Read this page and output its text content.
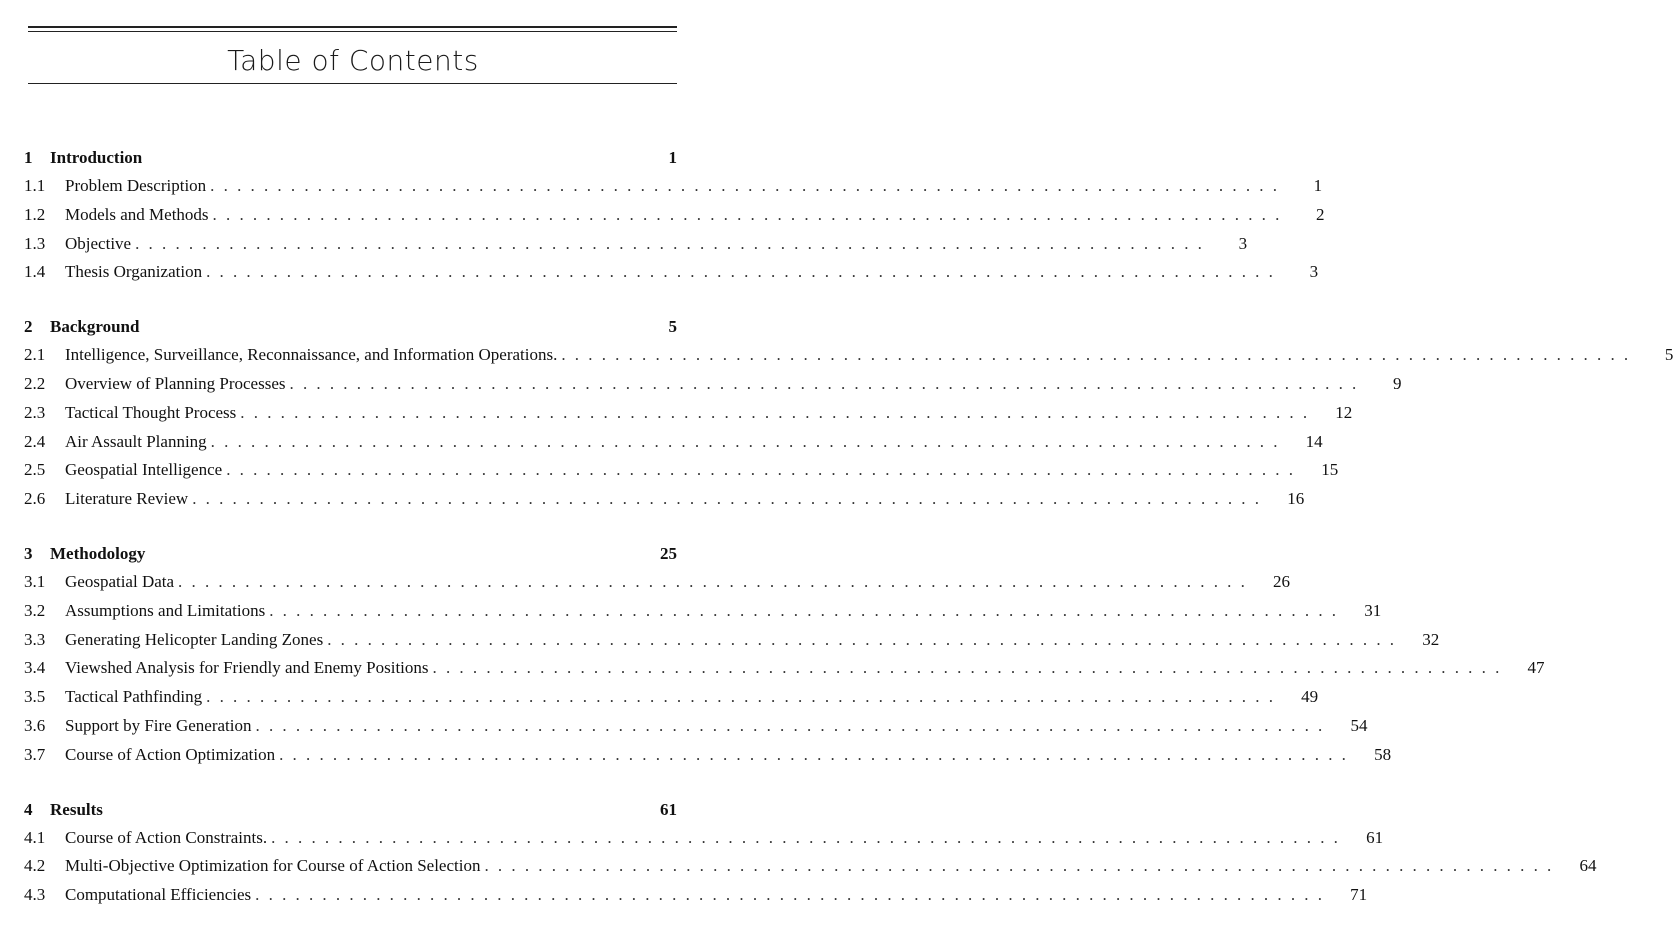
Table of Contents
1	Introduction	1
1.1	Problem Description ................................................................................	1
1.2	Models and Methods ................................................................................	2
1.3	Objective ................................................................................	3
1.4	Thesis Organization ................................................................................	3
2	Background	5
2.1	Intelligence, Surveillance, Reconnaissance, and Information Operations. ................................................................................	5
2.2	Overview of Planning Processes ................................................................................	9
2.3	Tactical Thought Process ................................................................................	12
2.4	Air Assault Planning ................................................................................	14
2.5	Geospatial Intelligence ................................................................................	15
2.6	Literature Review ................................................................................	16
3	Methodology	25
3.1	Geospatial Data ................................................................................	26
3.2	Assumptions and Limitations ................................................................................	31
3.3	Generating Helicopter Landing Zones ................................................................................	32
3.4	Viewshed Analysis for Friendly and Enemy Positions ................................................................................	47
3.5	Tactical Pathfinding ................................................................................	49
3.6	Support by Fire Generation ................................................................................	54
3.7	Course of Action Optimization ................................................................................	58
4	Results	61
4.1	Course of Action Constraints. ................................................................................	61
4.2	Multi-Objective Optimization for Course of Action Selection ................................................................................	64
4.3	Computational Efficiencies ................................................................................	71
